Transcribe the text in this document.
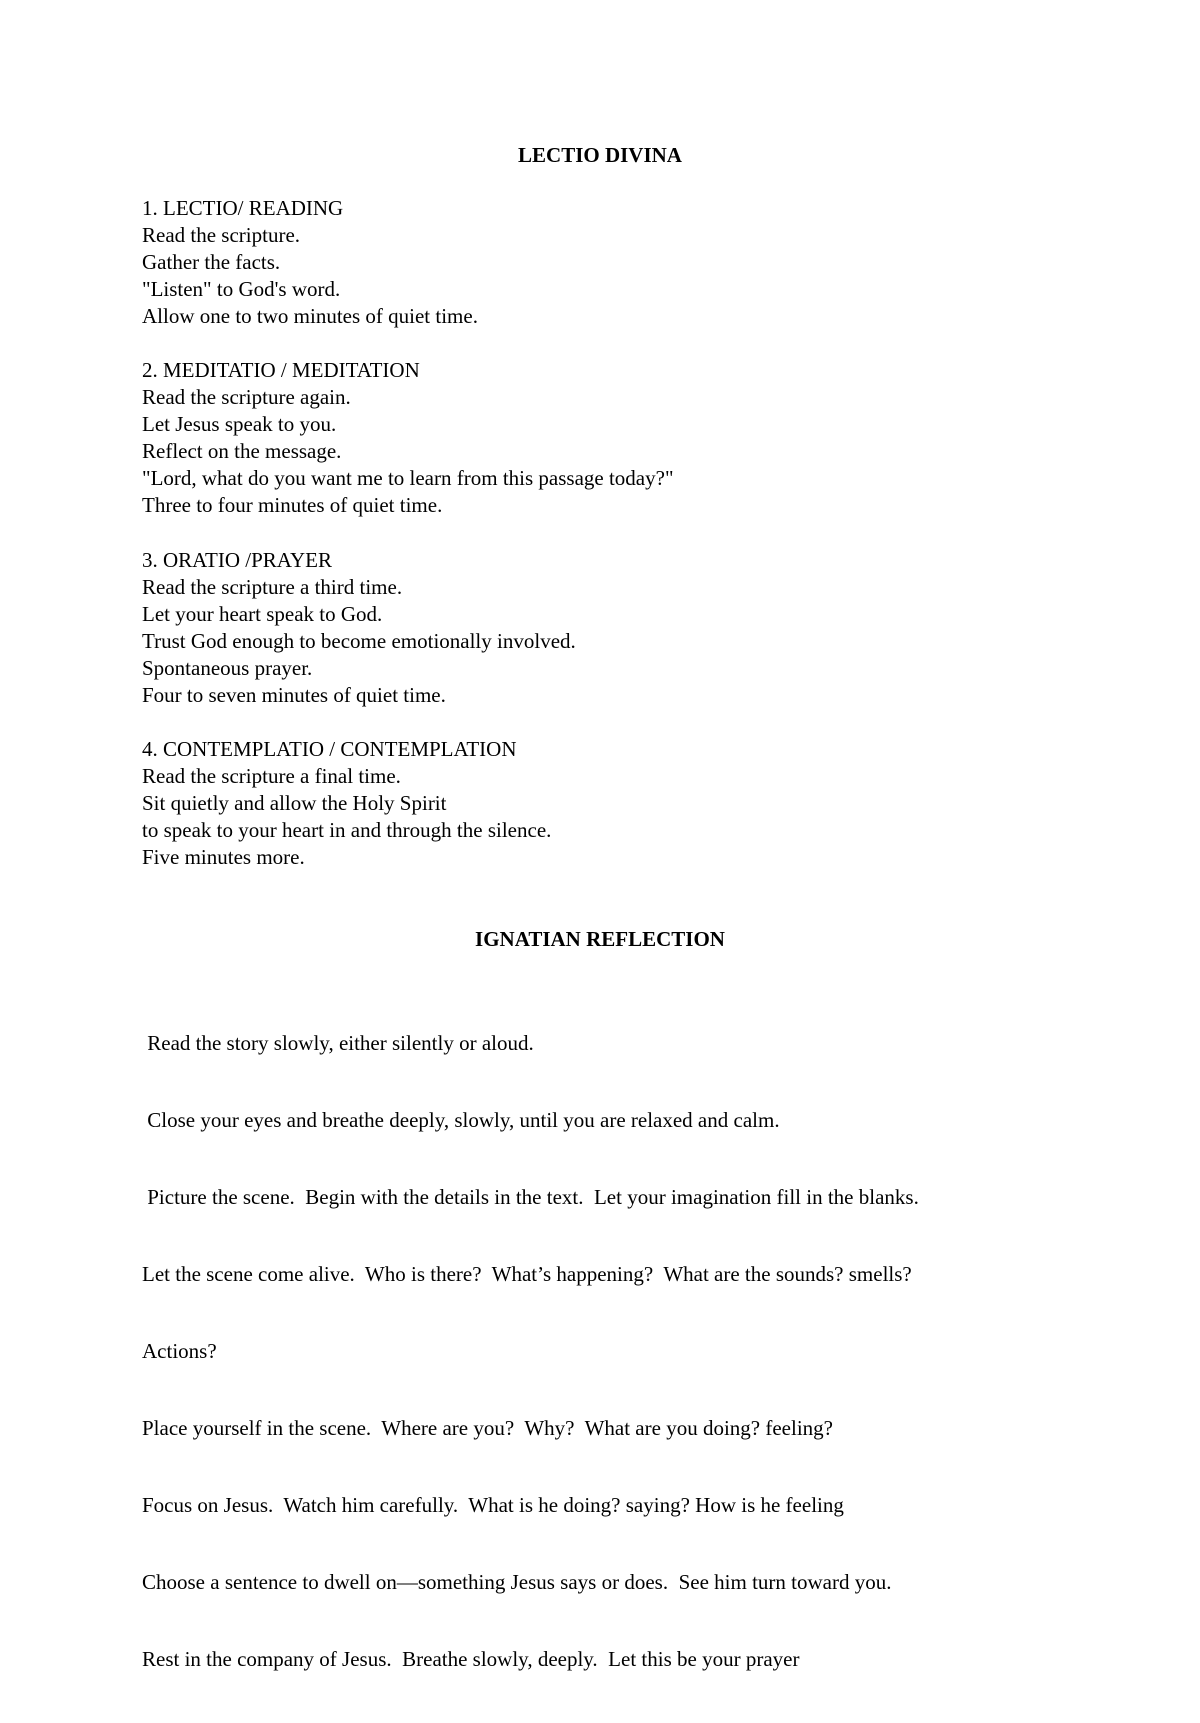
LECTIO DIVINA
1. LECTIO/ READING
Read the scripture.
Gather the facts.
"Listen" to God's word.
Allow one to two minutes of quiet time.
2. MEDITATIO / MEDITATION
Read the scripture again.
Let Jesus speak to you.
Reflect on the message.
"Lord, what do you want me to learn from this passage today?"
Three to four minutes of quiet time.
3. ORATIO /PRAYER
Read the scripture a third time.
Let your heart speak to God.
Trust God enough to become emotionally involved.
Spontaneous prayer.
Four to seven minutes of quiet time.
4. CONTEMPLATIO / CONTEMPLATION
Read the scripture a final time.
Sit quietly and allow the Holy Spirit
to speak to your heart in and through the silence.
Five minutes more.
IGNATIAN REFLECTION

Read the story slowly, either silently or aloud.

Close your eyes and breathe deeply, slowly, until you are relaxed and calm.

Picture the scene.  Begin with the details in the text.  Let your imagination fill in the blanks.

Let the scene come alive.  Who is there?  What’s happening?  What are the sounds? smells?

Actions?

Place yourself in the scene.  Where are you?  Why?  What are you doing? feeling?

Focus on Jesus.  Watch him carefully.  What is he doing? saying? How is he feeling

Choose a sentence to dwell on—something Jesus says or does.  See him turn toward you.

Rest in the company of Jesus.  Breathe slowly, deeply.  Let this be your prayer
